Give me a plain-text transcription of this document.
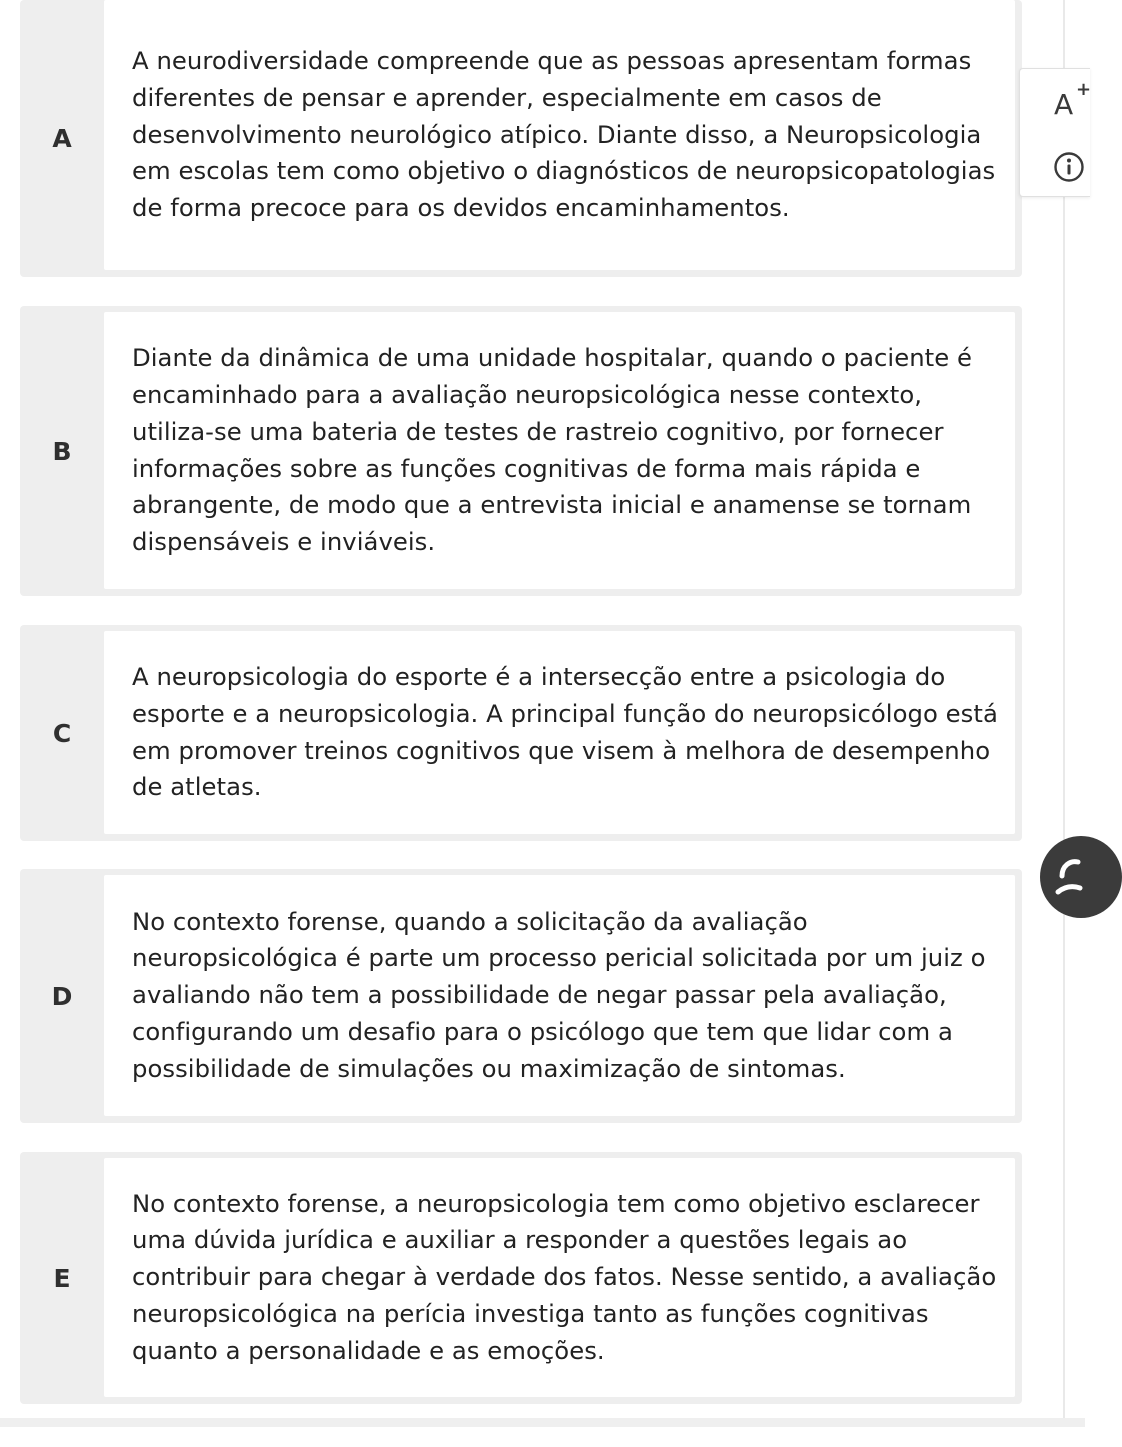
A
A neurodiversidade compreende que as pessoas apresentam formas diferentes de pensar e aprender, especialmente em casos de desenvolvimento neurológico atípico. Diante disso, a Neuropsicologia em escolas tem como objetivo o diagnósticos de neuropsicopatologias de forma precoce para os devidos encaminhamentos.
B
Diante da dinâmica de uma unidade hospitalar, quando o paciente é encaminhado para a avaliação neuropsicológica nesse contexto, utiliza-se uma bateria de testes de rastreio cognitivo, por fornecer informações sobre as funções cognitivas de forma mais rápida e abrangente, de modo que a entrevista inicial e anamense se tornam dispensáveis e inviáveis.
C
A neuropsicologia do esporte é a intersecção entre a psicologia do esporte e a neuropsicologia. A principal função do neuropsicólogo está em promover treinos cognitivos que visem à melhora de desempenho de atletas.
D
No contexto forense, quando a solicitação da avaliação neuropsicológica é parte um processo pericial solicitada por um juiz o avaliando não tem a possibilidade de negar passar pela avaliação, configurando um desafio para o psicólogo que tem que lidar com a possibilidade de simulações ou maximização de sintomas.
E
No contexto forense, a neuropsicologia tem como objetivo esclarecer uma dúvida jurídica e auxiliar a responder a questões legais ao contribuir para chegar à verdade dos fatos. Nesse sentido, a avaliação neuropsicológica na perícia investiga tanto as funções cognitivas quanto a personalidade e as emoções.
A +
